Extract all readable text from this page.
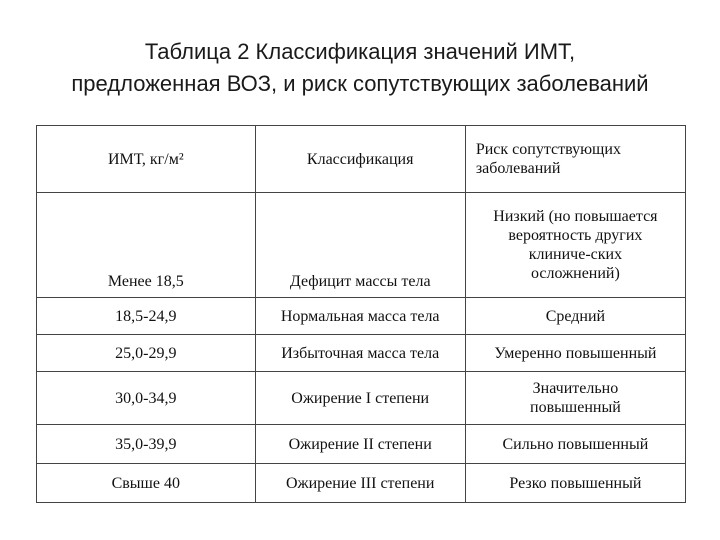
Таблица 2 Классификация значений ИМТ,
предложенная ВОЗ, и риск сопутствующих заболеваний
ИМТ, кг/м²	Классификация	Риск сопутствующих
заболеваний

Менее 18,5	Дефицит массы тела	Низкий (но повышается
вероятность других
клиниче-ских
осложнений)

18,5-24,9	Нормальная масса тела	Средний
25,0-29,9	Избыточная масса тела	Умеренно повышенный
30,0-34,9	Ожирение I степени	Значительно
повышенный

35,0-39,9	Ожирение II степени	Сильно повышенный
Свыше 40	Ожирение III степени	Резко повышенный
